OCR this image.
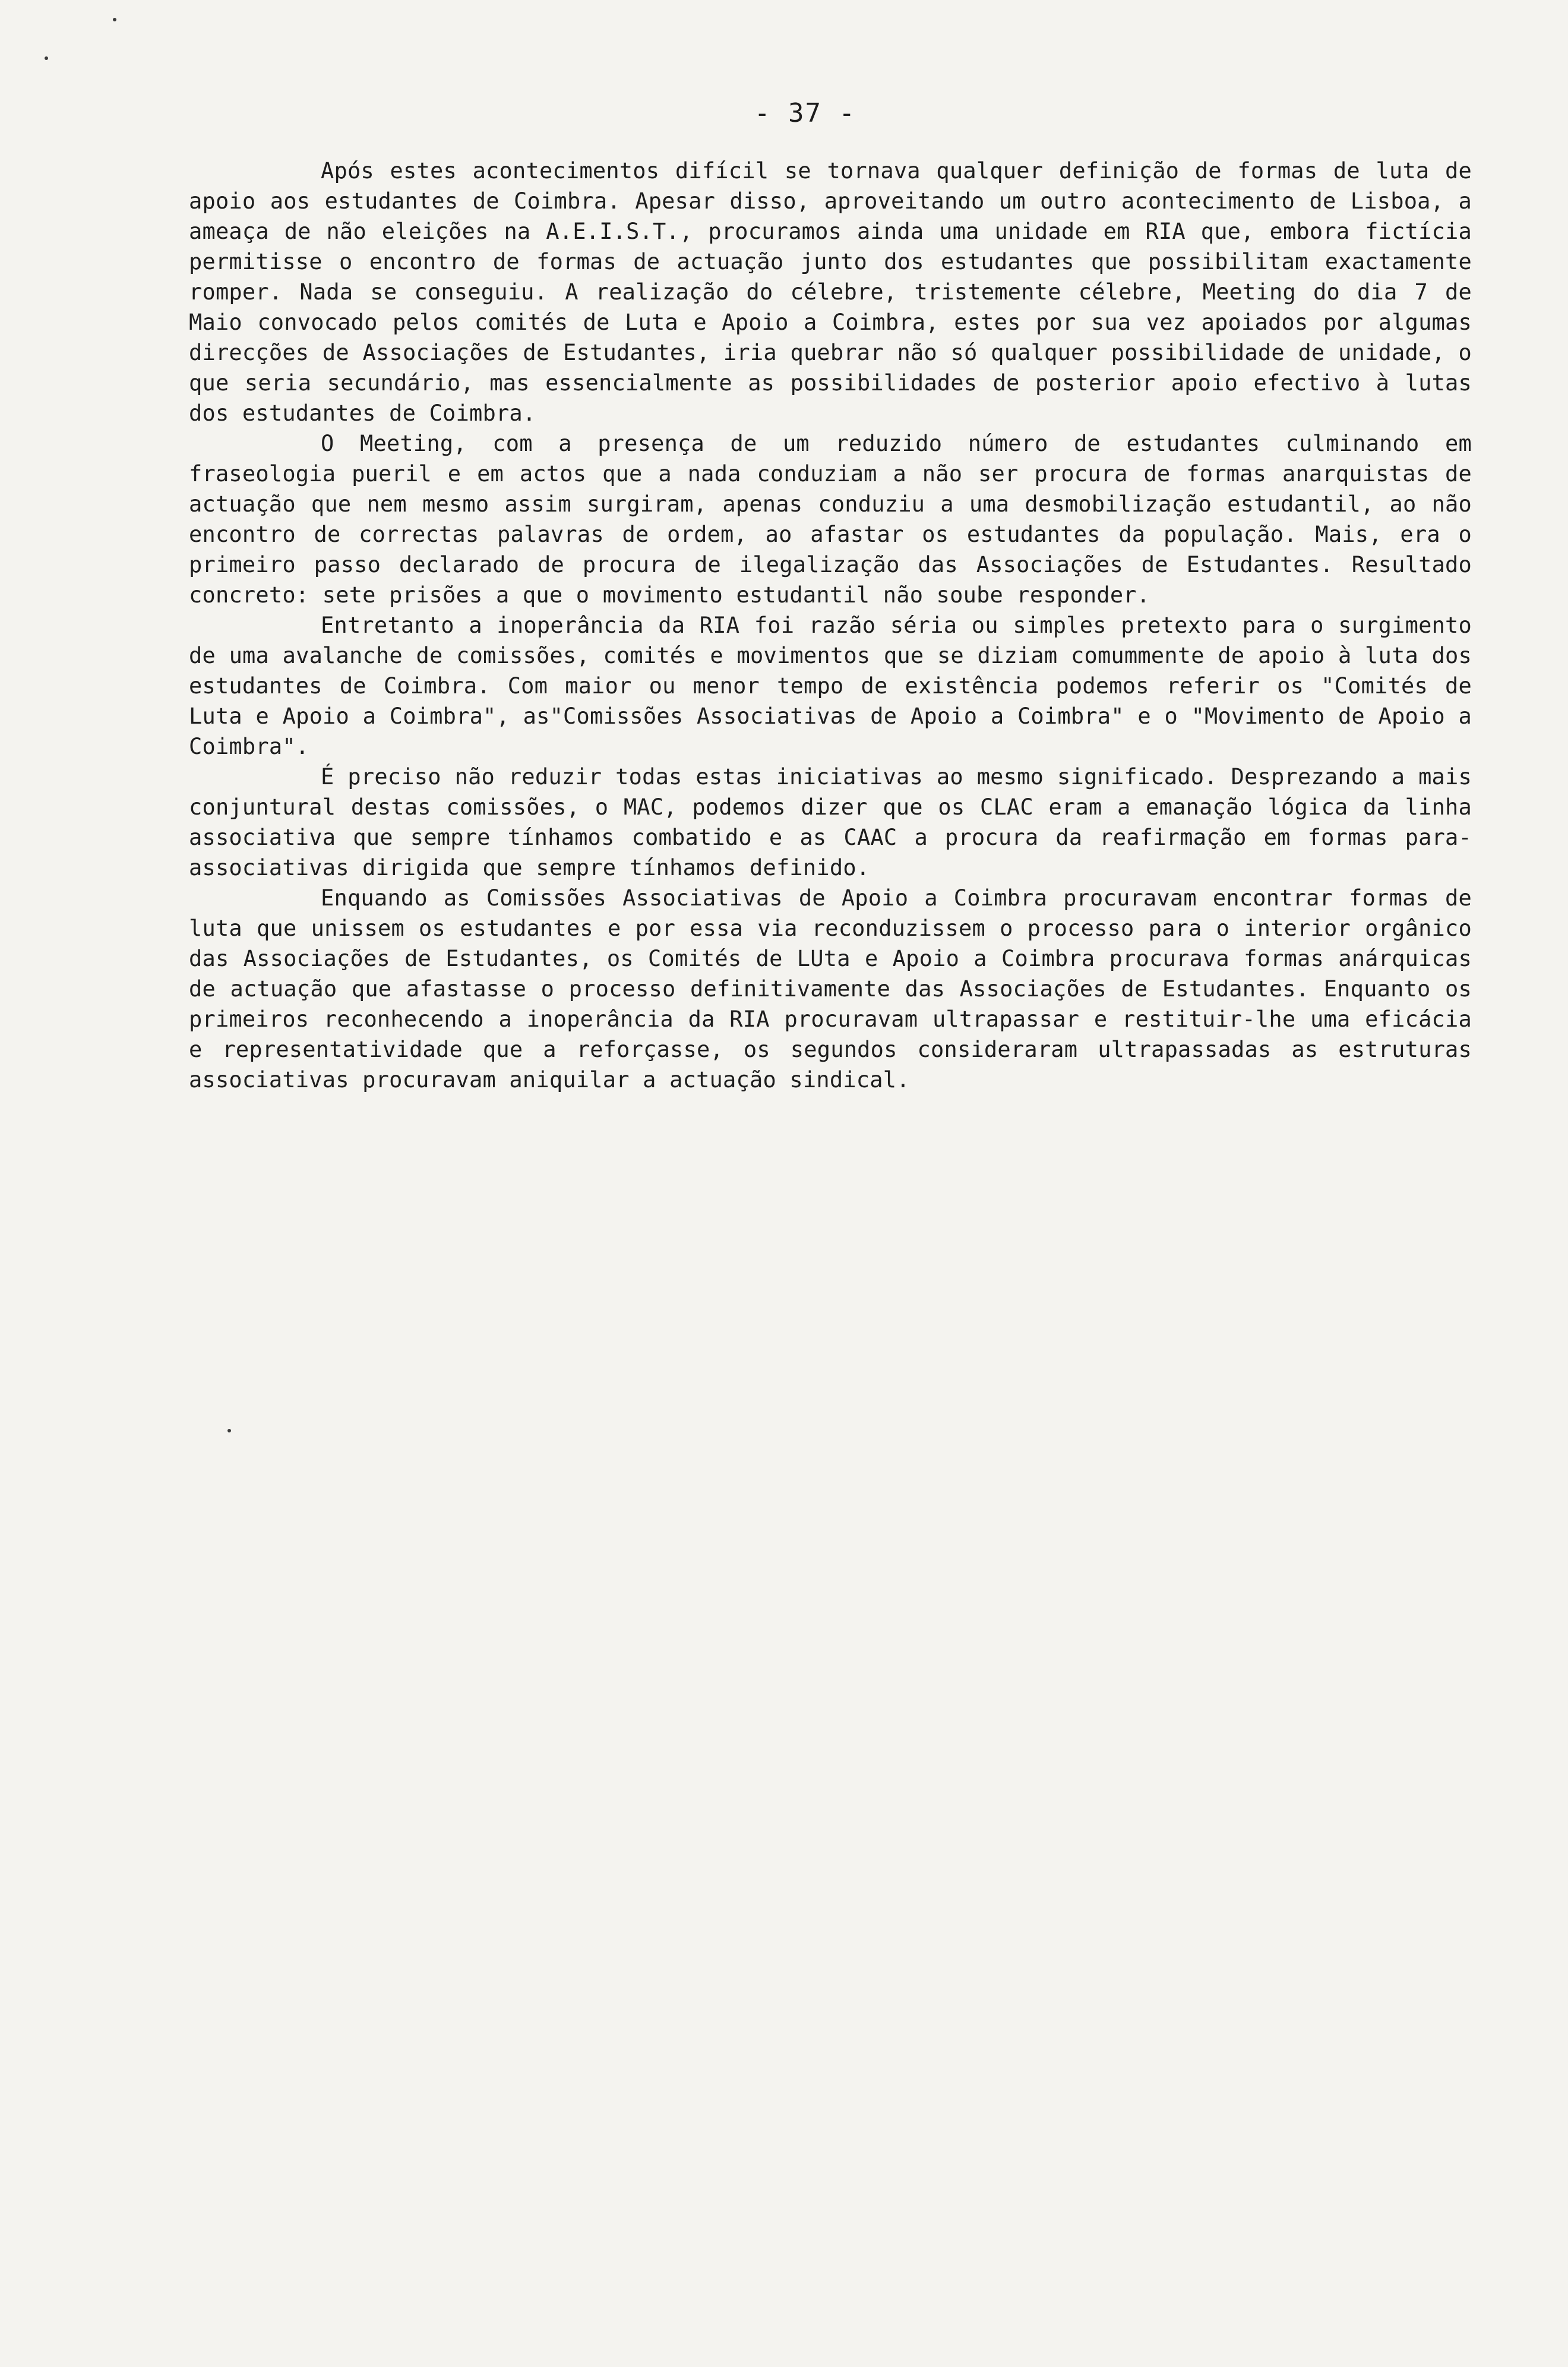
- 37 -

Após estes acontecimentos difícil se tornava qualquer definição de formas de luta de apoio aos estudantes de Coimbra. Apesar disso, aproveitando um outro acontecimento de Lisboa, a ameaça de não eleições na A.E.I.S.T., procuramos ainda uma unidade em RIA que, embora fictícia permitisse o encontro de formas de actuação junto dos estudantes que possibilitam exactamente romper. Nada se conseguiu. A realização do célebre, tristemente célebre, Meeting do dia 7 de Maio convocado pelos comités de Luta e Apoio a Coimbra, estes por sua vez apoiados por algumas direcções de Associações de Estudantes, iria quebrar não só qualquer possibilidade de unidade, o que seria secundário, mas essencialmente as possibilidades de posterior apoio efectivo à lutas dos estudantes de Coimbra.

O Meeting, com a presença de um reduzido número de estudantes culminando em fraseologia pueril e em actos que a nada conduziam a não ser procura de formas anarquistas de actuação que nem mesmo assim surgiram, apenas conduziu a uma desmobilização estudantil, ao não encontro de correctas palavras de ordem, ao afastar os estudantes da população. Mais, era o primeiro passo declarado de procura de ilegalização das Associações de Estudantes. Resultado concreto: sete prisões a que o movimento estudantil não soube responder.

Entretanto a inoperância da RIA foi razão séria ou simples pretexto para o surgimento de uma avalanche de comissões, comités e movimentos que se diziam comummente de apoio à luta dos estudantes de Coimbra. Com maior ou menor tempo de existência podemos referir os "Comités de Luta e Apoio a Coimbra", as"Comissões Associativas de Apoio a Coimbra" e o "Movimento de Apoio a Coimbra".

É preciso não reduzir todas estas iniciativas ao mesmo significado. Desprezando a mais conjuntural destas comissões, o MAC, podemos dizer que os CLAC eram a emanação lógica da linha associativa que sempre tínhamos combatido e as CAAC a procura da reafirmação em formas para-associativas dirigida que sempre tínhamos definido.

Enquando as Comissões Associativas de Apoio a Coimbra procuravam encontrar formas de luta que unissem os estudantes e por essa via reconduzissem o processo para o interior orgânico das Associações de Estudantes, os Comités de LUta e Apoio a Coimbra procurava formas anárquicas de actuação que afastasse o processo definitivamente das Associações de Estudantes. Enquanto os primeiros reconhecendo a inoperância da RIA procuravam ultrapassar e restituir-lhe uma eficácia e representatividade que a reforçasse, os segundos consideraram ultrapassadas as estruturas associativas procuravam aniquilar a actuação sindical.
